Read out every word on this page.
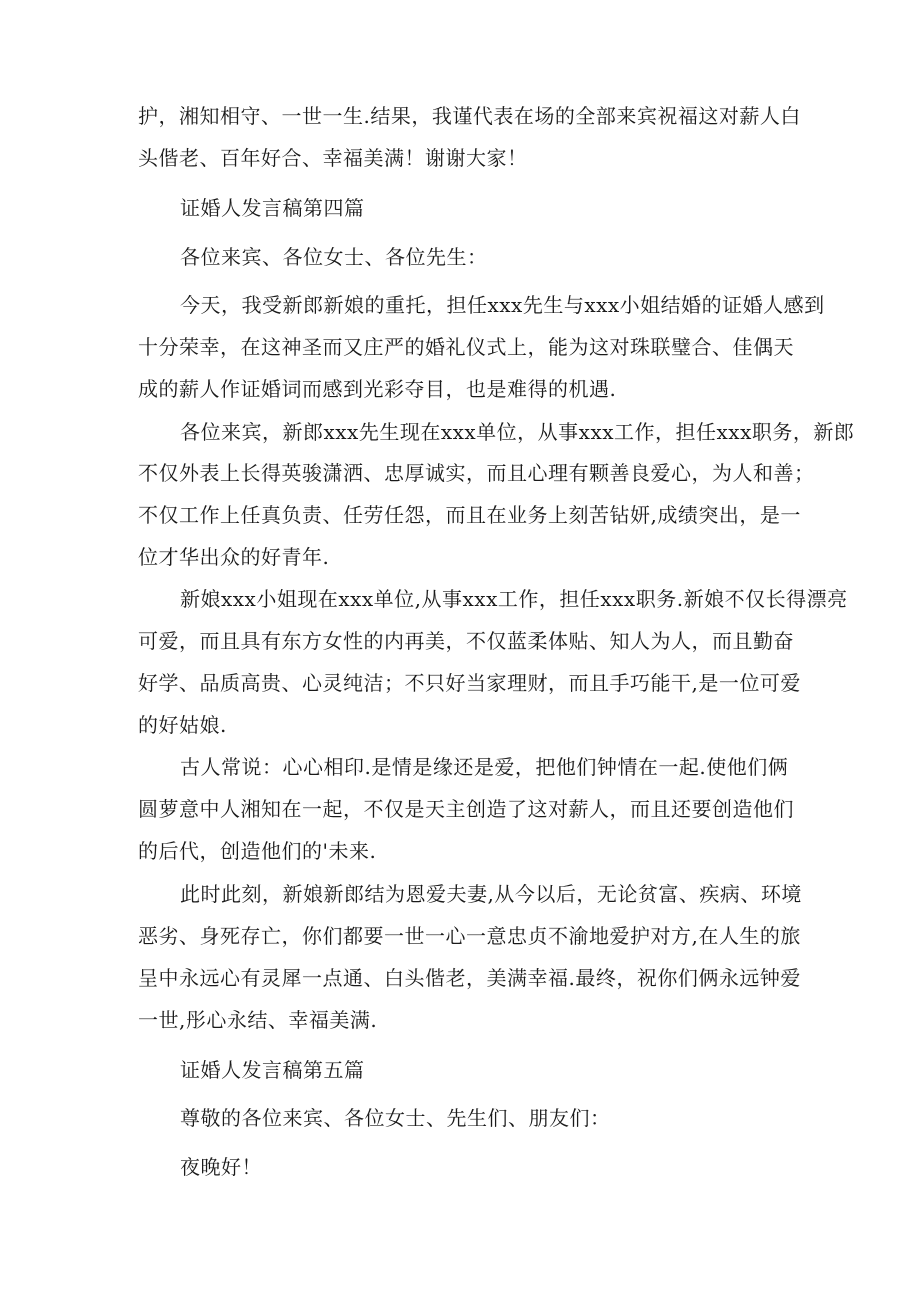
护，湘知相守、一世一生.结果，我谨代表在场的全部来宾祝福这对薪人白
头偕老、百年好合、幸福美满！谢谢大家！
证婚人发言稿第四篇
各位来宾、各位女士、各位先生：
今天，我受新郎新娘的重托，担任xxx先生与xxx小姐结婚的证婚人感到
十分荣幸，在这神圣而又庄严的婚礼仪式上，能为这对珠联璧合、佳偶天
成的薪人作证婚词而感到光彩夺目，也是难得的机遇.
各位来宾，新郎xxx先生现在xxx单位，从事xxx工作，担任xxx职务，新郎
不仅外表上长得英骏潇洒、忠厚诚实，而且心理有颗善良爱心，为人和善；
不仅工作上任真负责、任劳任怨，而且在业务上刻苦钻妍,成绩突出，是一
位才华出众的好青年.
新娘xxx小姐现在xxx单位,从事xxx工作，担任xxx职务.新娘不仅长得漂亮
可爱，而且具有东方女性的内再美，不仅蓝柔体贴、知人为人，而且勤奋
好学、品质高贵、心灵纯洁；不只好当家理财，而且手巧能干,是一位可爱
的好姑娘.
古人常说：心心相印.是情是缘还是爱，把他们钟情在一起.使他们俩
圆萝意中人湘知在一起，不仅是天主创造了这对薪人，而且还要创造他们
的后代，创造他们的'未来.
此时此刻，新娘新郎结为恩爱夫妻,从今以后，无论贫富、疾病、环境
恶劣、身死存亡，你们都要一世一心一意忠贞不渝地爱护对方,在人生的旅
呈中永远心有灵犀一点通、白头偕老，美满幸福.最终，祝你们俩永远钟爱
一世,彤心永结、幸福美满.
证婚人发言稿第五篇
尊敬的各位来宾、各位女士、先生们、朋友们：
夜晚好！
